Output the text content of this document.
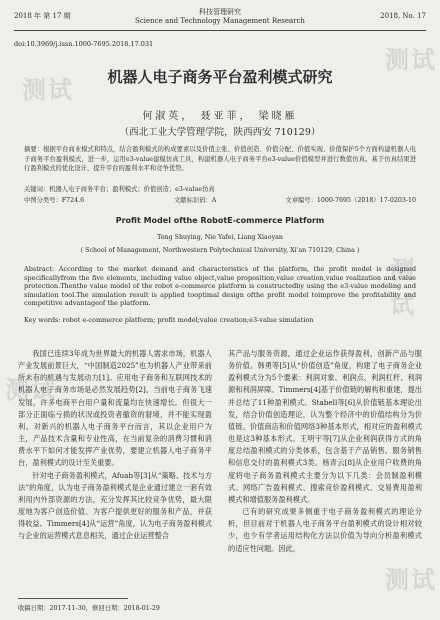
测试
测试
测试
测试
测试
2018 年 第 17 期	科技管理研究
Science and Technology Management Research
2018, No. 17
doi:10.3969/j.issn.1000-7695.2018.17.031
机器人电子商务平台盈利模式研究
何淑英， 聂亚菲， 梁晓雁
（西北工业大学管理学院，陕西西安 710129）
摘要：根据平台商业模式和特点，结合盈利模式的构成要素以及价值主张、价值创造、价值分配、价值实现、价值保护5个方面构建机器人电子商务平台盈利模式，进一步，运用e3-value建模仿真工具，构建机器人电子商务平台e3-value价值模型并进行数值仿真。基于仿真结果进行盈利模式的优化设计，提升平台的盈利水平和竞争优势。
关键词：机器人电子商务平台；盈利模式；价值创造；e3-value仿真
中图分类号：F724.6	文献标识码：A	文章编号：1000-7695（2018）17-0203-10
Profit Model ofthe RobotE-commerce Platform
Tong Shuying, Nie Yafei, Liang Xiaoyan
( School of Management, Northwestern Polytechnical University, Xi'an 710129, China )
Abstract: According to the market demand and characteristics of the platform, the profit model is designed specificallyfrom the five elements, including value object,value proposition,value creation,value realization and value protection.Thenthe value model of the robot e-commerce platform is constructedby using the e3-value modeling and simulation tool.The simulation result is applied tooptimal design ofthe profit model toimprove the profitability and competitive advantageof the platform.
Key words: robot e-commerce platform; profit model;value creation;e3-value simulation

我国已连续3年成为世界最大的机器人需求市场，机器人产业发展前景巨大，“中国制造2025”也为机器人产业带来前所未有的机遇与发展动力[1]。应用电子商务和互联网技术的机器人电子商务市场是必然发展趋势[2]，当前电子商务飞速发展，许多电商平台用户量和流量均在快速增长。但很大一部分正面临亏损的状况或投资者撤资的窘境，并不能实现盈利。对新兴的机器人电子商务平台而言，其以企业用户为主，产品技术含量和专业性高，在当前复杂的消费习惯和消费水平下如何才能发挥产业优势，要建立机器人电子商务平台，盈利模式的设计至关重要。

针对电子商务盈利模式，Afuah等[3]从“策略、技术与方法”的角度，认为电子商务盈利模式是企业通过建立一套有效利用内外部资源的方法，充分发挥其比较竞争优势，最大限度地为客户创造价值、为客户提供更好的服务和产品，并获得收益。Timmers[4]从“运营”角度，认为电子商务盈利模式与企业的运营模式息息相关，通过企业运营整合

其产品与服务资源，通过企业运作获得盈利，创新产品与服务价值。韩勇等[5]从“价值创造”角度，构建了电子商务企业盈利模式分为5个要素：利润对象、利润点、利润杠杆、利润源和利润屏障。Timmers[4]基于价值链的解构和重建，提出并总结了11种盈利模式。Stabell等[6]从价值链基本理论出发，结合价值创造理论，认为整个经济中的价值结构分为价值链、价值商店和价值网络3种基本形式，相对应的盈利模式也是这3种基本形式。王明宇等[7]从企业利润获得方式的角度总结盈利模式的分类体系，包含基于产品销售、服务销售和信息交付的盈利模式3类。杨青云[8]从企业用户收费的角度将电子商务盈利模式主要分为以下几类：会员制盈利模式、网络广告盈利模式、搜索竞价盈利模式、交易费用盈利模式和增值服务盈利模式。

已有的研究成果多侧重于电子商务盈利模式的理论分析，但目前对于机器人电子商务平台盈利模式的设计相对较少，也少有学者运用结构化方法以价值为导向分析盈利模式的适应性问题。因此，

收稿日期：2017-11-30，修回日期：2018-01-29
